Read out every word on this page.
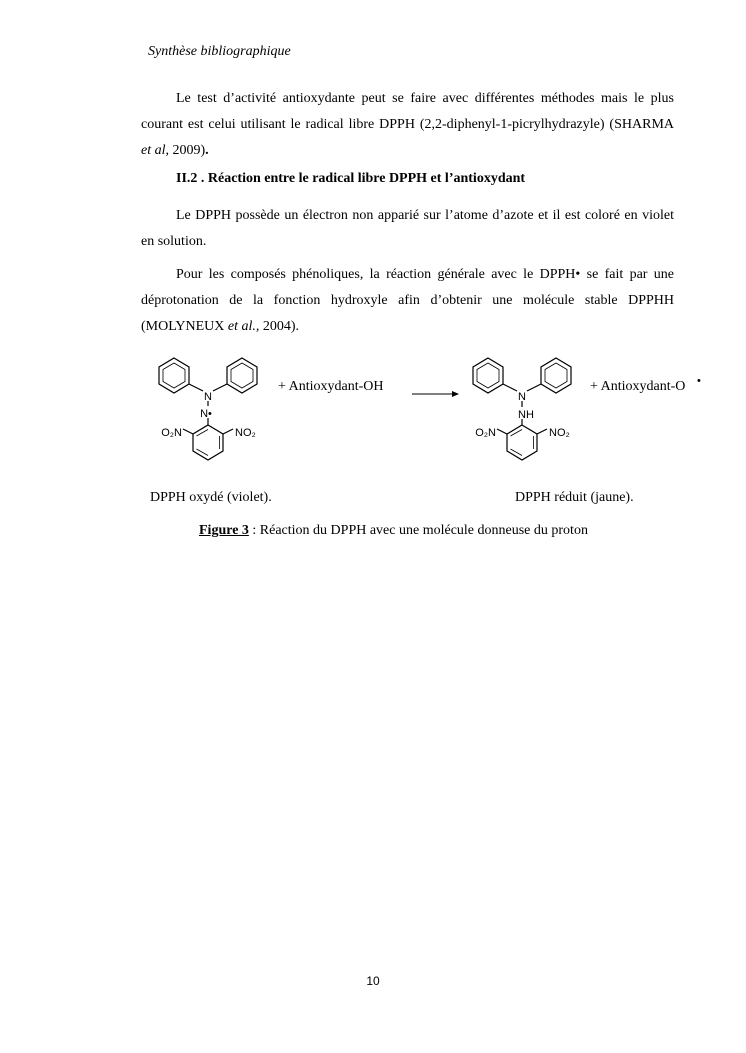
Synthèse bibliographique

Le test d’activité antioxydante peut se faire avec différentes méthodes mais le plus courant est celui utilisant le radical libre DPPH (2,2-diphenyl-1-picrylhydrazyle) (SHARMA et al, 2009).

II.2 . Réaction entre le radical libre DPPH et l’antioxydant

Le DPPH possède un électron non apparié sur l’atome d’azote et il est coloré en violet en solution.

Pour les composés phénoliques, la réaction générale avec le DPPH• se fait par une déprotonation de la fonction hydroxyle afin d’obtenir une molécule stable DPPHH (MOLYNEUX et al., 2004).

N
N•
O₂N	NO₂
+ Antioxydant-OH
N
NH
O₂N	NO₂
+ Antioxydant-O •
DPPH oxydé (violet).	DPPH réduit (jaune).
Figure 3 : Réaction du DPPH avec une molécule donneuse du proton
10
